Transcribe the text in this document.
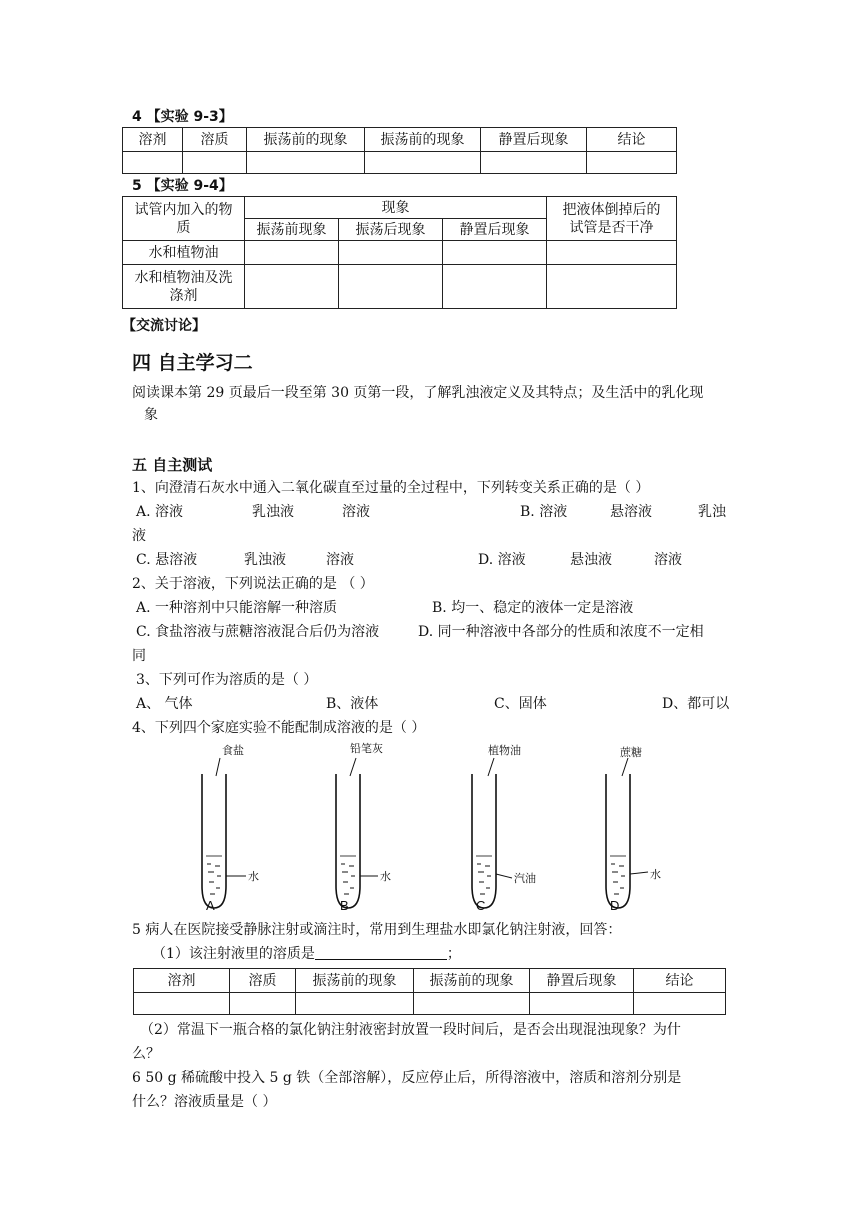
4 【实验 9-3】
溶剂	溶质	振荡前的现象	振荡前的现象	静置后现象	结论

5 【实验 9-4】
试管内加入的物质	现象			把液体倒掉后的试管是否干净
	振荡前现象	振荡后现象	静置后现象	
水和植物油				
水和植物油及洗涤剂				
【交流讨论】
四 自主学习二
阅读课本第 29 页最后一段至第 30 页第一段，了解乳浊液定义及其特点；及生活中的乳化现
象
五 自主测试
1、向澄清石灰水中通入二氧化碳直至过量的全过程中，下列转变关系正确的是（ ）
A. 溶液	乳浊液	溶液	B. 溶液	悬溶液	乳浊
液
C. 悬溶液	乳浊液	溶液	D. 溶液	悬浊液	溶液
2、关于溶液，下列说法正确的是 （ ）
A. 一种溶剂中只能溶解一种溶质	B. 均一、稳定的液体一定是溶液
C. 食盐溶液与蔗糖溶液混合后仍为溶液	D. 同一种溶液中各部分的性质和浓度不一定相
同
3、下列可作为溶质的是（ ）
A、 气体	B、液体	C、固体	D、都可以
4、下列四个家庭实验不能配制成溶液的是（ ）
食盐
水
A
铅笔灰
水
B
植物油
汽油
C
蔗糖
水
D
5 病人在医院接受静脉注射或滴注时，常用到生理盐水即氯化钠注射液，回答：
（1）该注射液里的溶质是	；
溶剂	溶质	振荡前的现象	振荡前的现象	静置后现象	结论

（2）常温下一瓶合格的氯化钠注射液密封放置一段时间后，是否会出现混浊现象？为什
么？
6 50 g 稀硫酸中投入 5 g 铁（全部溶解），反应停止后，所得溶液中，溶质和溶剂分别是
什么？溶液质量是（ ）
